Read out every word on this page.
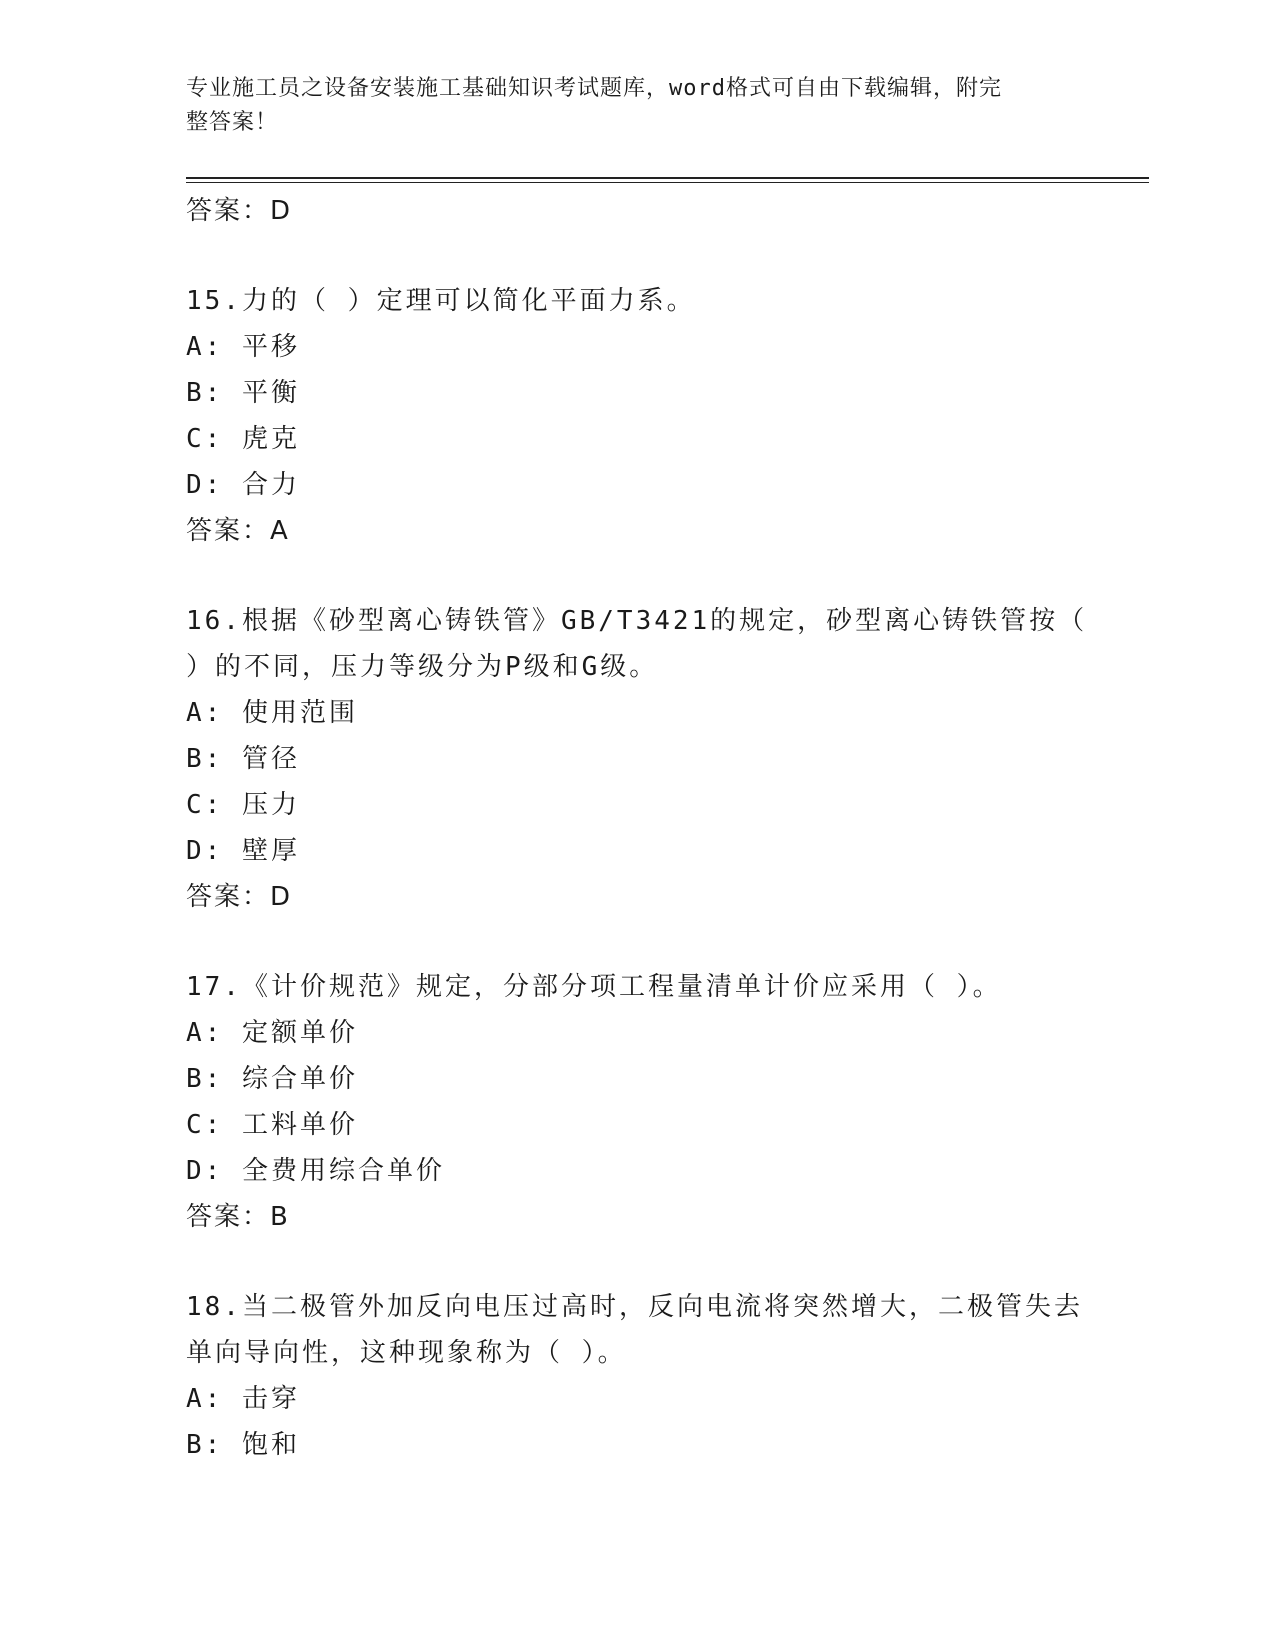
专业施工员之设备安装施工基础知识考试题库，word格式可自由下载编辑，附完
整答案！
答案：D
15.力的（ ）定理可以简化平面力系。
A: 平移
B: 平衡
C: 虎克
D: 合力
答案：A
16.根据《砂型离心铸铁管》GB/T3421的规定，砂型离心铸铁管按（
）的不同，压力等级分为P级和G级。
A: 使用范围
B: 管径
C: 压力
D: 壁厚
答案：D
17.《计价规范》规定，分部分项工程量清单计价应采用（ ）。
A: 定额单价
B: 综合单价
C: 工料单价
D: 全费用综合单价
答案：B
18.当二极管外加反向电压过高时，反向电流将突然增大，二极管失去
单向导向性，这种现象称为（ ）。
A: 击穿
B: 饱和
